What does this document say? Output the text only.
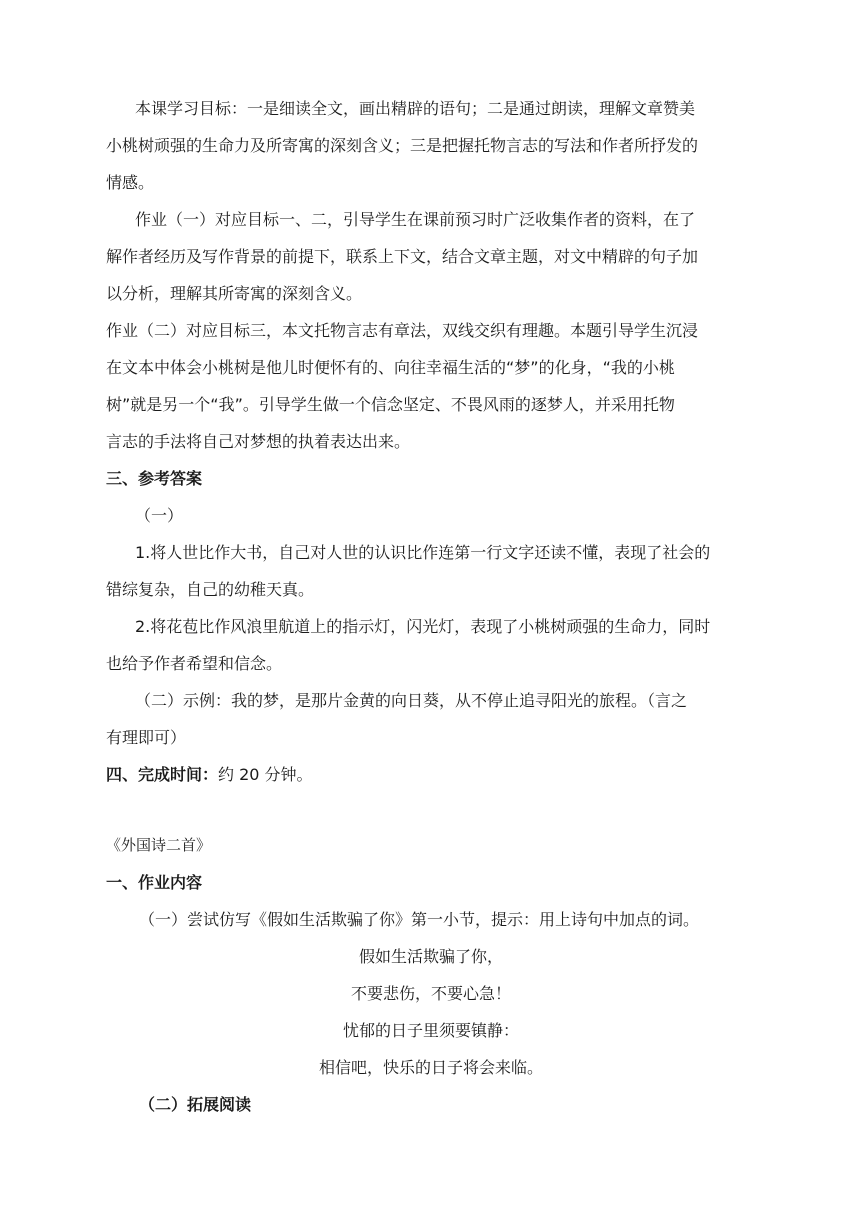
本课学习目标：一是细读全文，画出精辟的语句；二是通过朗读，理解文章赞美

小桃树顽强的生命力及所寄寓的深刻含义；三是把握托物言志的写法和作者所抒发的

情感。

作业（一）对应目标一、二，引导学生在课前预习时广泛收集作者的资料，在了

解作者经历及写作背景的前提下，联系上下文，结合文章主题，对文中精辟的句子加

以分析，理解其所寄寓的深刻含义。

作业（二）对应目标三，本文托物言志有章法，双线交织有理趣。本题引导学生沉浸

在文本中体会小桃树是他儿时便怀有的、向往幸福生活的“梦”的化身，“我的小桃

树”就是另一个“我”。引导学生做一个信念坚定、不畏风雨的逐梦人，并采用托物

言志的手法将自己对梦想的执着表达出来。

三、参考答案

（一）

1.将人世比作大书，自己对人世的认识比作连第一行文字还读不懂，表现了社会的

错综复杂，自己的幼稚天真。

2.将花苞比作风浪里航道上的指示灯，闪光灯，表现了小桃树顽强的生命力，同时

也给予作者希望和信念。

（二）示例：我的梦，是那片金黄的向日葵，从不停止追寻阳光的旅程。（言之

有理即可）

四、完成时间：约 20 分钟。

《外国诗二首》

一、作业内容

（一）尝试仿写《假如生活欺骗了你》第一小节，提示：用上诗句中加点的词。

假如生活欺骗了你，

不要悲伤，不要心急！

忧郁的日子里须要镇静：

相信吧，快乐的日子将会来临。

（二）拓展阅读
